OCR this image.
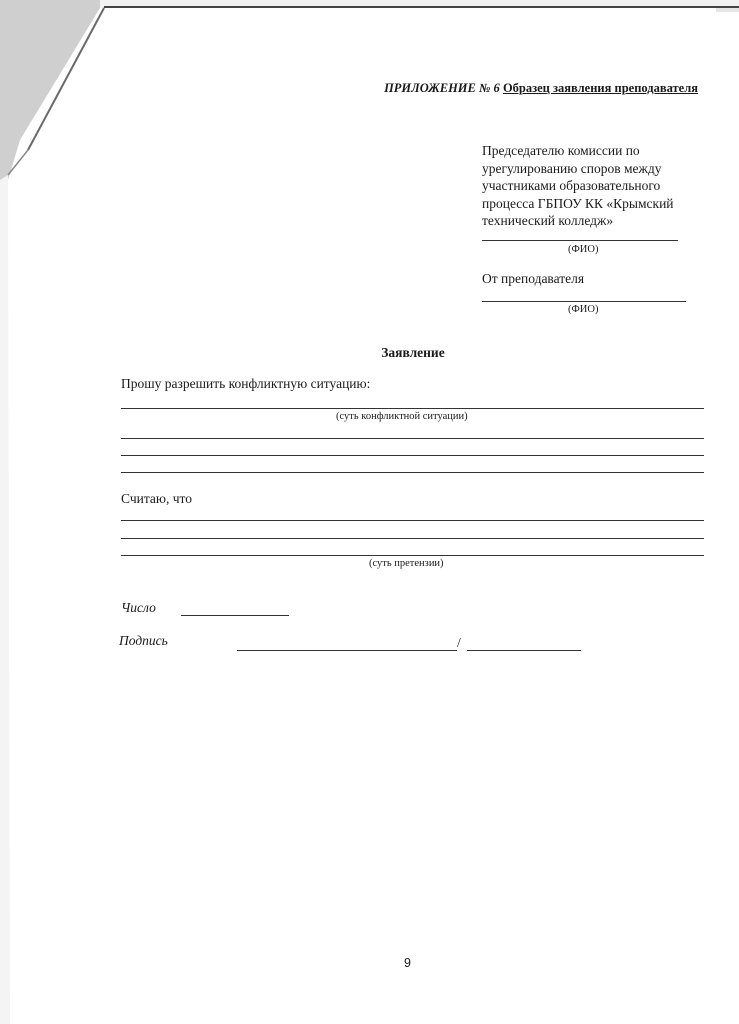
ПРИЛОЖЕНИЕ № 6 Образец заявления преподавателя
Председателю комиссии по
урегулированию споров между
участниками образовательного
процесса ГБПОУ КК «Крымский
технический колледж»
(ФИО)
От преподавателя
(ФИО)
Заявление
Прошу разрешить конфликтную ситуацию:
(суть конфликтной ситуации)
Считаю, что
(суть претензии)
Число
Подпись	/
9
